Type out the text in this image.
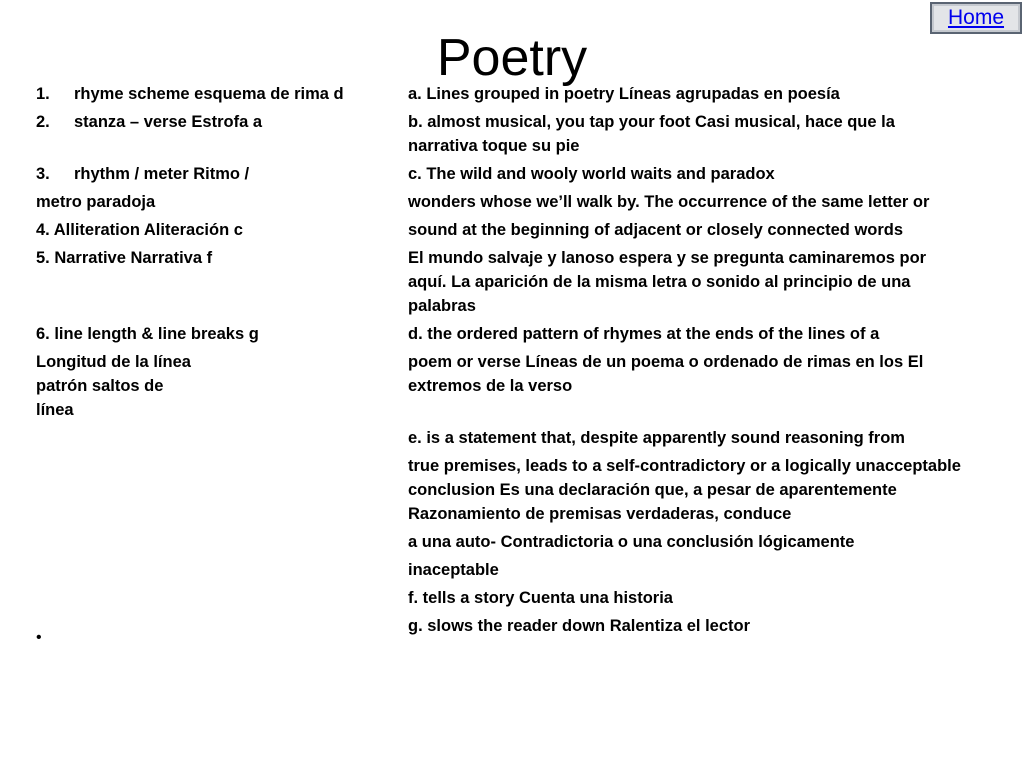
Home
Poetry
1. rhyme scheme esquema de rima d	a. Lines grouped in poetry Líneas agrupadas en poesía
2. stanza – verse Estrofa a	b. almost musical, you tap your foot Casi musical, hace que la narrativa toque su pie
3. rhythm / meter Ritmo /	c. The wild and wooly world waits and paradox
metro paradoja	wonders whose we’ll walk by. The occurrence of the same letter or
4. Alliteration Aliteración c	sound at the beginning of adjacent or closely connected words
5. Narrative Narrativa f	El mundo salvaje y lanoso espera y se pregunta caminaremos por aquí. La aparición de la misma letra o sonido al principio de una palabras
6. line length & line breaks g	d. the ordered pattern of rhymes at the ends of the lines of a
Longitud de la línea patrón saltos de línea
poem or verse Líneas de un poema o ordenado de rimas en los El extremos de la verso
e. is a statement that, despite apparently sound reasoning from
true premises, leads to a self-contradictory or a logically unacceptable conclusion Es una declaración que, a pesar de aparentemente Razonamiento de premisas verdaderas, conduce
a una auto- Contradictoria o una conclusión lógicamente
inaceptable
f. tells a story Cuenta una historia
g. slows the reader down Ralentiza el lector
•
